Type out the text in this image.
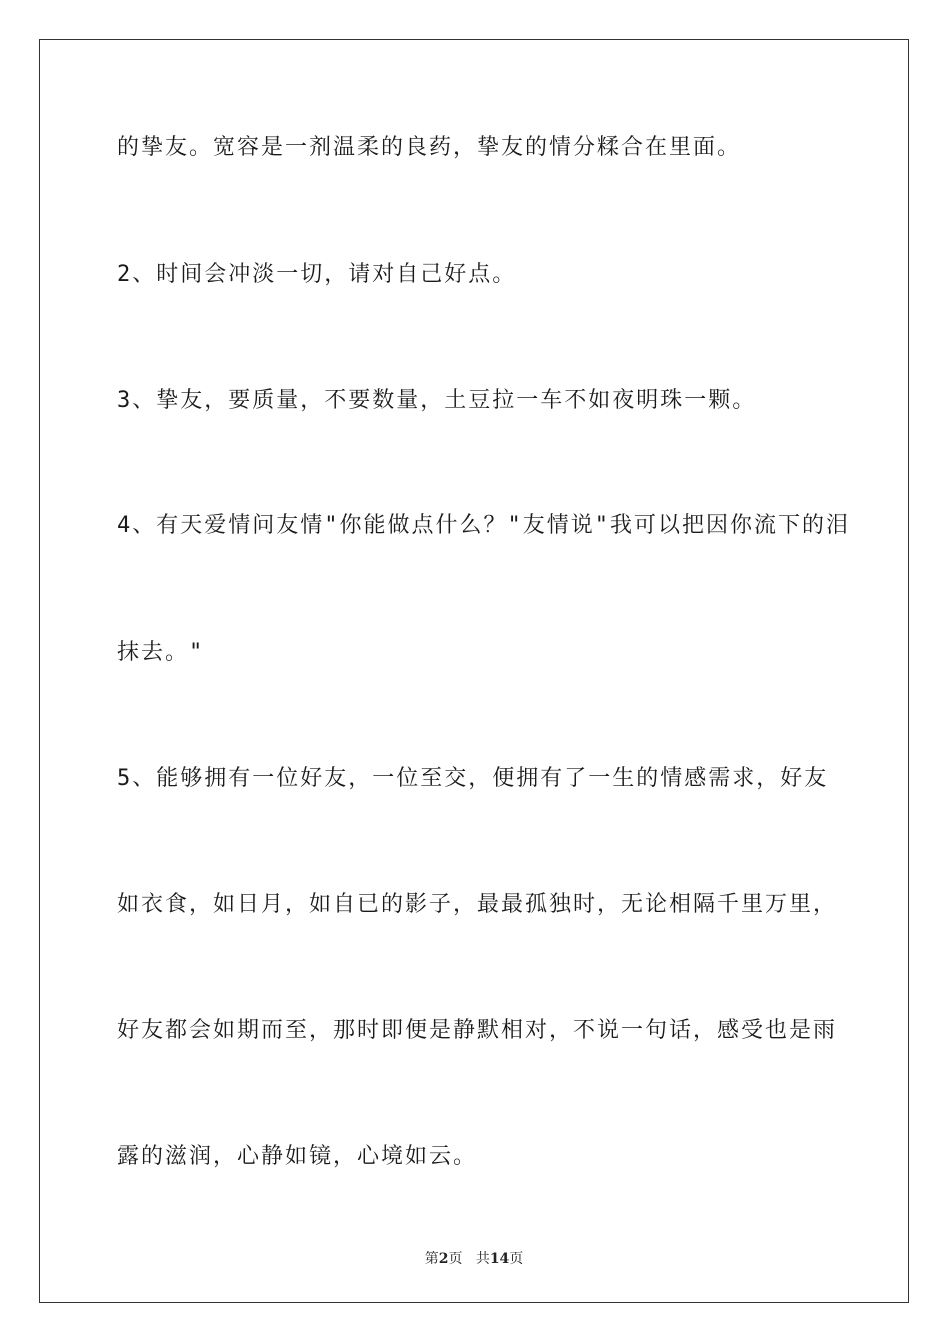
的挚友。宽容是一剂温柔的良药，挚友的情分糅合在里面。
2、时间会冲淡一切，请对自己好点。
3、挚友，要质量，不要数量，土豆拉一车不如夜明珠一颗。
4、有天爱情问友情"你能做点什么？"友情说"我可以把因你流下的泪
抹去。"
5、能够拥有一位好友，一位至交，便拥有了一生的情感需求，好友
如衣食，如日月，如自已的影子，最最孤独时，无论相隔千里万里，
好友都会如期而至，那时即便是静默相对，不说一句话，感受也是雨
露的滋润，心静如镜，心境如云。
第2页 共14页
